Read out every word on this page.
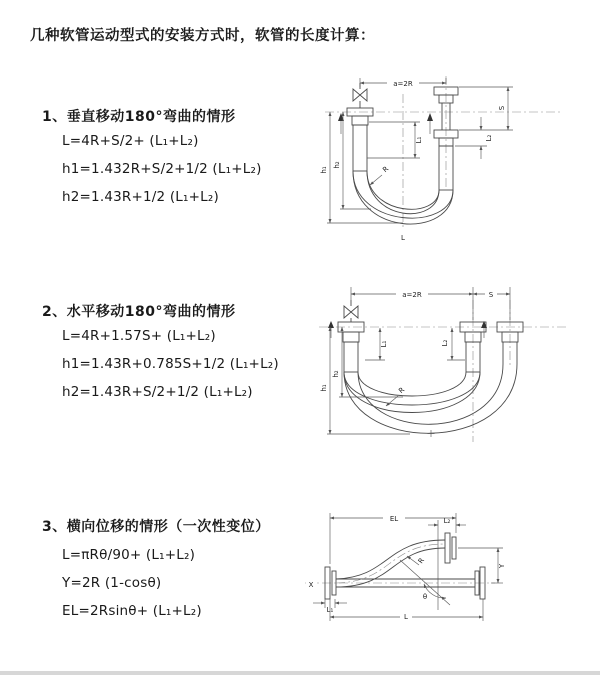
几种软管运动型式的安装方式时，软管的长度计算：
1、垂直移动180°弯曲的情形
L=4R+S/2+ (L₁+L₂)
h1=1.432R+S/2+1/2 (L₁+L₂)
h2=1.43R+1/2 (L₁+L₂)
2、水平移动180°弯曲的情形
L=4R+1.57S+ (L₁+L₂)
h1=1.43R+0.785S+1/2 (L₁+L₂)
h2=1.43R+S/2+1/2 (L₁+L₂)
3、横向位移的情形（一次性变位）
L=πRθ/90+ (L₁+L₂)
Y=2R (1-cosθ)
EL=2Rsinθ+ (L₁+L₂)
a=2R
L₁
S
L₂
h₁
h₂	R
L
a=2R	S
L₁	L₂
h₁
h₂
R
X
EL	L₂
Y
R
θ
L₁
L
